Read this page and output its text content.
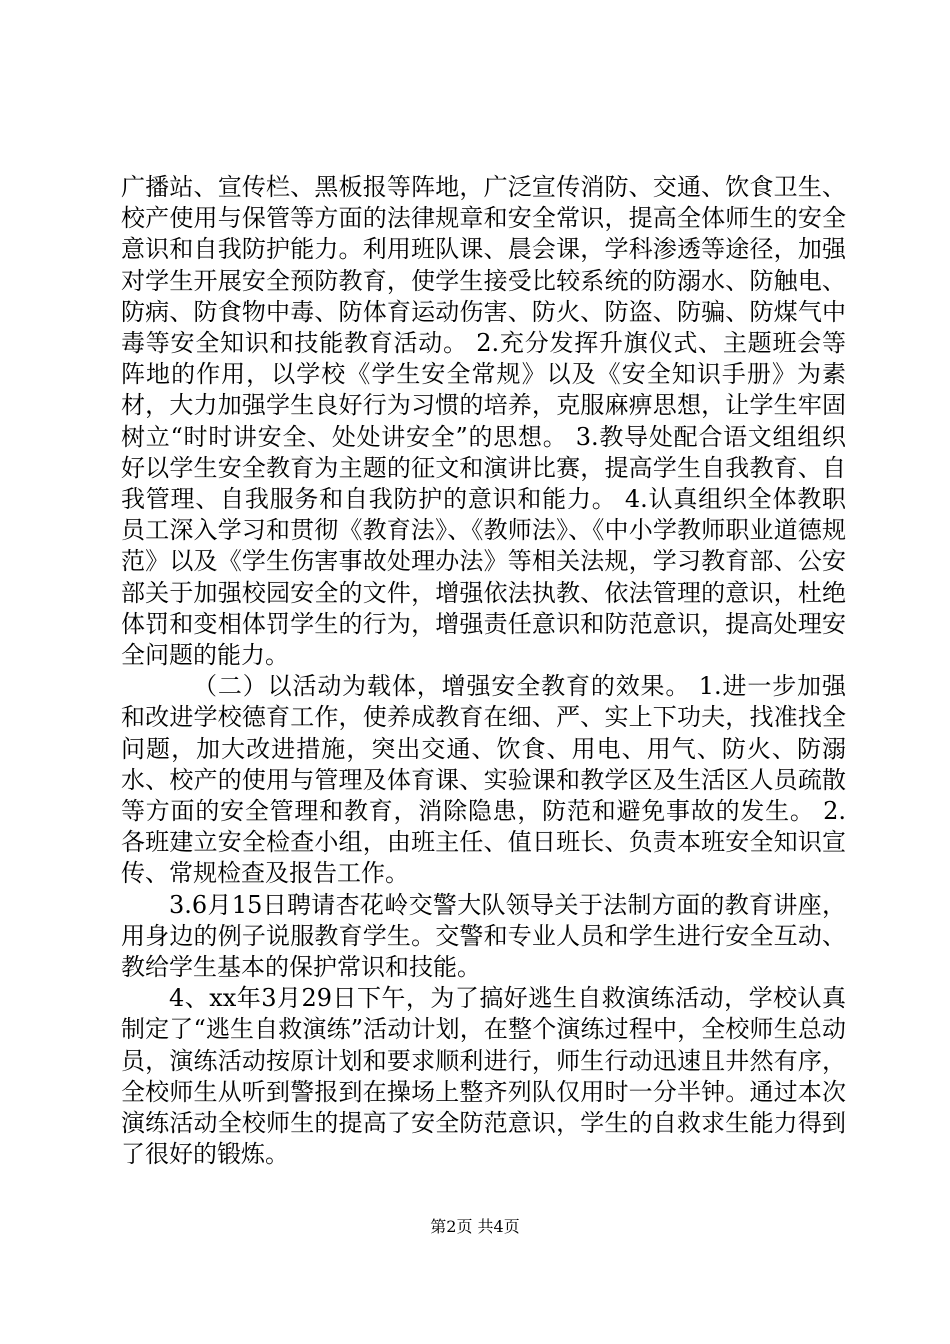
广播站、宣传栏、黑板报等阵地，广泛宣传消防、交通、饮食卫生、校产使用与保管等方面的法律规章和安全常识，提高全体师生的安全意识和自我防护能力。利用班队课、晨会课，学科渗透等途径，加强对学生开展安全预防教育，使学生接受比较系统的防溺水、防触电、防病、防食物中毒、防体育运动伤害、防火、防盗、防骗、防煤气中毒等安全知识和技能教育活动。 2.充分发挥升旗仪式、主题班会等阵地的作用，以学校《学生安全常规》以及《安全知识手册》为素材，大力加强学生良好行为习惯的培养，克服麻痹思想，让学生牢固树立“时时讲安全、处处讲安全”的思想。 3.教导处配合语文组组织好以学生安全教育为主题的征文和演讲比赛，提高学生自我教育、自我管理、自我服务和自我防护的意识和能力。 4.认真组织全体教职员工深入学习和贯彻《教育法》、《教师法》、《中小学教师职业道德规范》以及《学生伤害事故处理办法》等相关法规，学习教育部、公安部关于加强校园安全的文件，增强依法执教、依法管理的意识，杜绝体罚和变相体罚学生的行为，增强责任意识和防范意识，提高处理安全问题的能力。

（二）以活动为载体，增强安全教育的效果。 1.进一步加强和改进学校德育工作，使养成教育在细、严、实上下功夫，找准找全问题，加大改进措施，突出交通、饮食、用电、用气、防火、防溺水、校产的使用与管理及体育课、实验课和教学区及生活区人员疏散等方面的安全管理和教育，消除隐患，防范和避免事故的发生。 2.各班建立安全检查小组，由班主任、值日班长、负责本班安全知识宣传、常规检查及报告工作。

3.6月15日聘请杏花岭交警大队领导关于法制方面的教育讲座，用身边的例子说服教育学生。交警和专业人员和学生进行安全互动、教给学生基本的保护常识和技能。

4、xx年3月29日下午，为了搞好逃生自救演练活动，学校认真制定了“逃生自救演练”活动计划，在整个演练过程中，全校师生总动员，演练活动按原计划和要求顺利进行，师生行动迅速且井然有序，全校师生从听到警报到在操场上整齐列队仅用时一分半钟。通过本次演练活动全校师生的提高了安全防范意识，学生的自救求生能力得到了很好的锻炼。

第2页 共4页
